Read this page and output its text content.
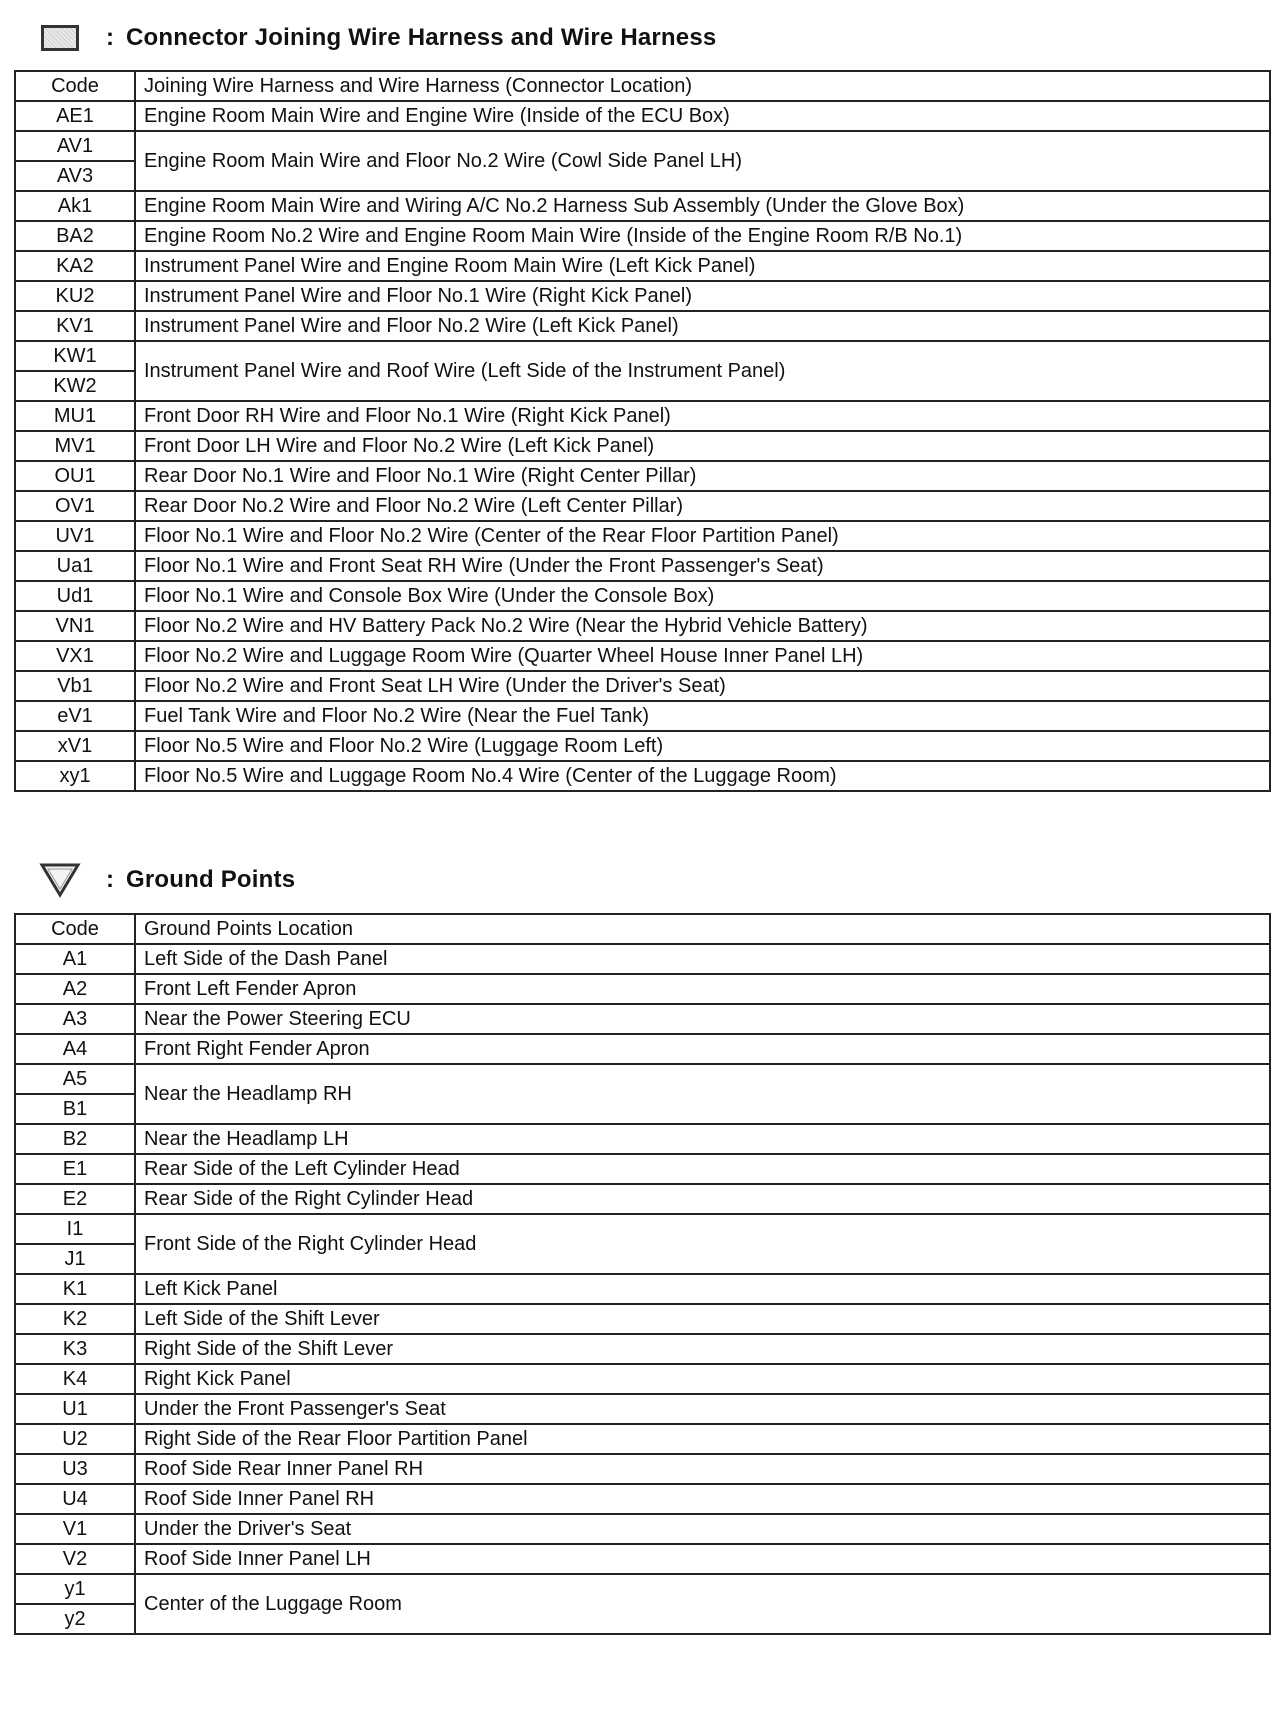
: Connector Joining Wire Harness and Wire Harness
Code	Joining Wire Harness and Wire Harness (Connector Location)
AE1	Engine Room Main Wire and Engine Wire (Inside of the ECU Box)
AV1	Engine Room Main Wire and Floor No.2 Wire (Cowl Side Panel LH)
AV3	
Ak1	Engine Room Main Wire and Wiring A/C No.2 Harness Sub Assembly (Under the Glove Box)
BA2	Engine Room No.2 Wire and Engine Room Main Wire (Inside of the Engine Room R/B No.1)
KA2	Instrument Panel Wire and Engine Room Main Wire (Left Kick Panel)
KU2	Instrument Panel Wire and Floor No.1 Wire (Right Kick Panel)
KV1	Instrument Panel Wire and Floor No.2 Wire (Left Kick Panel)
KW1	Instrument Panel Wire and Roof Wire (Left Side of the Instrument Panel)
KW2	
MU1	Front Door RH Wire and Floor No.1 Wire (Right Kick Panel)
MV1	Front Door LH Wire and Floor No.2 Wire (Left Kick Panel)
OU1	Rear Door No.1 Wire and Floor No.1 Wire (Right Center Pillar)
OV1	Rear Door No.2 Wire and Floor No.2 Wire (Left Center Pillar)
UV1	Floor No.1 Wire and Floor No.2 Wire (Center of the Rear Floor Partition Panel)
Ua1	Floor No.1 Wire and Front Seat RH Wire (Under the Front Passenger's Seat)
Ud1	Floor No.1 Wire and Console Box Wire (Under the Console Box)
VN1	Floor No.2 Wire and HV Battery Pack No.2 Wire (Near the Hybrid Vehicle Battery)
VX1	Floor No.2 Wire and Luggage Room Wire (Quarter Wheel House Inner Panel LH)
Vb1	Floor No.2 Wire and Front Seat LH Wire (Under the Driver's Seat)
eV1	Fuel Tank Wire and Floor No.2 Wire (Near the Fuel Tank)
xV1	Floor No.5 Wire and Floor No.2 Wire (Luggage Room Left)
xy1	Floor No.5 Wire and Luggage Room No.4 Wire (Center of the Luggage Room)
: Ground Points
Code	Ground Points Location
A1	Left Side of the Dash Panel
A2	Front Left Fender Apron
A3	Near the Power Steering ECU
A4	Front Right Fender Apron
A5	Near the Headlamp RH
B1	
B2	Near the Headlamp LH
E1	Rear Side of the Left Cylinder Head
E2	Rear Side of the Right Cylinder Head
I1	Front Side of the Right Cylinder Head
J1	
K1	Left Kick Panel
K2	Left Side of the Shift Lever
K3	Right Side of the Shift Lever
K4	Right Kick Panel
U1	Under the Front Passenger's Seat
U2	Right Side of the Rear Floor Partition Panel
U3	Roof Side Rear Inner Panel RH
U4	Roof Side Inner Panel RH
V1	Under the Driver's Seat
V2	Roof Side Inner Panel LH
y1	Center of the Luggage Room
y2	
